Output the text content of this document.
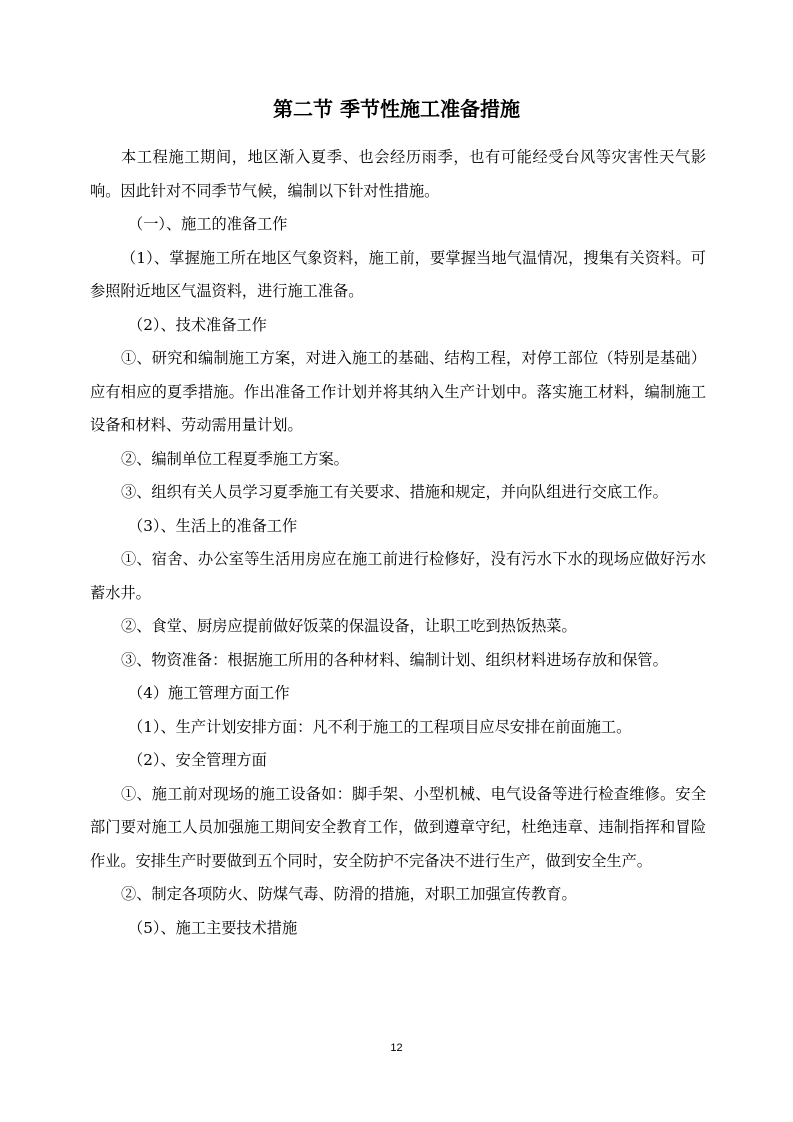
第二节 季节性施工准备措施

本工程施工期间，地区渐入夏季、也会经历雨季，也有可能经受台风等灾害性天气影响。因此针对不同季节气候，编制以下针对性措施。

（一）、施工的准备工作

（1）、掌握施工所在地区气象资料，施工前，要掌握当地气温情况，搜集有关资料。可参照附近地区气温资料，进行施工准备。

（2）、技术准备工作

①、研究和编制施工方案，对进入施工的基础、结构工程，对停工部位（特别是基础）应有相应的夏季措施。作出准备工作计划并将其纳入生产计划中。落实施工材料，编制施工设备和材料、劳动需用量计划。

②、编制单位工程夏季施工方案。

③、组织有关人员学习夏季施工有关要求、措施和规定，并向队组进行交底工作。

（3）、生活上的准备工作

①、宿舍、办公室等生活用房应在施工前进行检修好，没有污水下水的现场应做好污水蓄水井。

②、食堂、厨房应提前做好饭菜的保温设备，让职工吃到热饭热菜。

③、物资准备：根据施工所用的各种材料、编制计划、组织材料进场存放和保管。

（4）施工管理方面工作

（1）、生产计划安排方面：凡不利于施工的工程项目应尽安排在前面施工。

（2）、安全管理方面

①、施工前对现场的施工设备如：脚手架、小型机械、电气设备等进行检查维修。安全部门要对施工人员加强施工期间安全教育工作，做到遵章守纪，杜绝违章、违制指挥和冒险作业。安排生产时要做到五个同时，安全防护不完备决不进行生产，做到安全生产。

②、制定各项防火、防煤气毒、防滑的措施，对职工加强宣传教育。

（5）、施工主要技术措施

12
